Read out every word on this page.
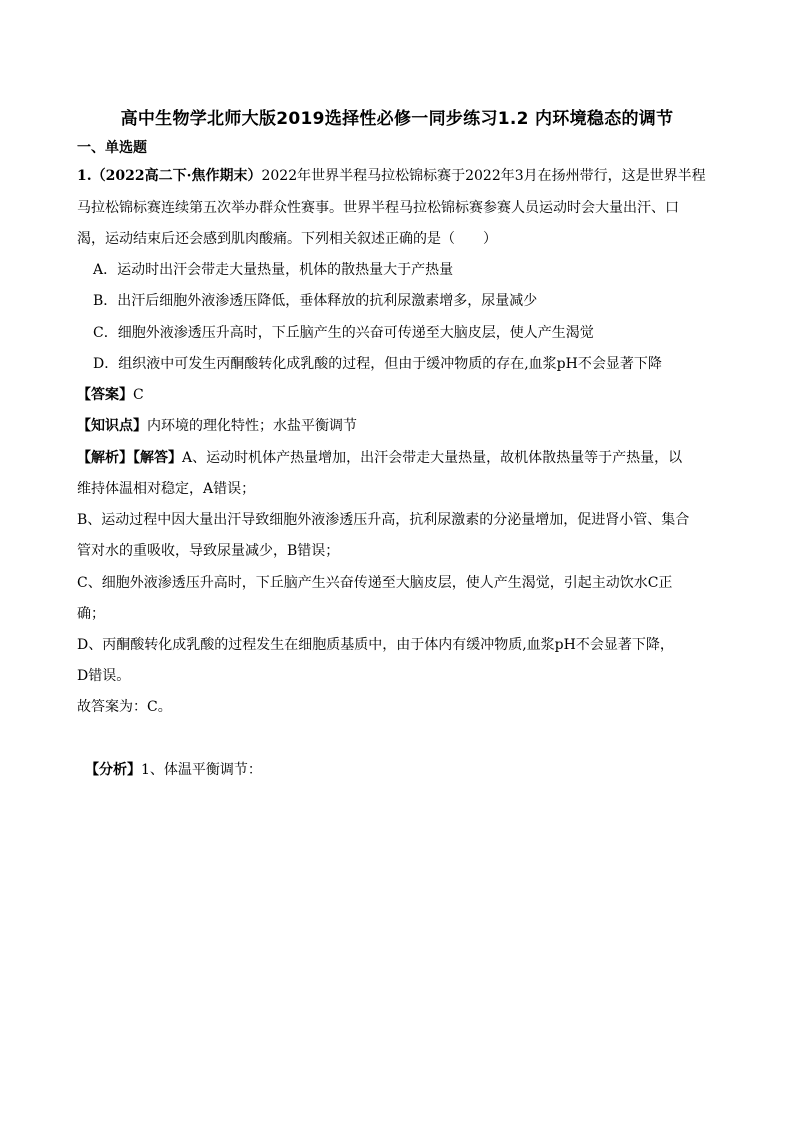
高中生物学北师大版2019选择性必修一同步练习1.2 内环境稳态的调节
一、单选题
1.（2022高二下·焦作期末）2022年世界半程马拉松锦标赛于2022年3月在扬州带行，这是世界半程
马拉松锦标赛连续第五次举办群众性赛事。世界半程马拉松锦标赛参赛人员运动时会大量出汗、口
渴，运动结束后还会感到肌肉酸痛。下列相关叙述正确的是（　　）
A．运动时出汗会带走大量热量，机体的散热量大于产热量
B．出汗后细胞外液渗透压降低，垂体释放的抗利尿激素增多，尿量减少
C．细胞外液渗透压升高时，下丘脑产生的兴奋可传递至大脑皮层，使人产生渴觉
D．组织液中可发生丙酮酸转化成乳酸的过程，但由于缓冲物质的存在,血浆pH不会显著下降
【答案】C
【知识点】内环境的理化特性；水盐平衡调节
【解析】【解答】A、运动时机体产热量增加，出汗会带走大量热量，故机体散热量等于产热量，以
维持体温相对稳定，A错误；
B、运动过程中因大量出汗导致细胞外液渗透压升高，抗利尿激素的分泌量增加，促进肾小管、集合
管对水的重吸收，导致尿量减少，B错误；
C、细胞外液渗透压升高时，下丘脑产生兴奋传递至大脑皮层，使人产生渴觉，引起主动饮水C正
确；
D、丙酮酸转化成乳酸的过程发生在细胞质基质中，由于体内有缓冲物质,血浆pH不会显著下降，
D错误。
故答案为：C。
【分析】1、体温平衡调节：
